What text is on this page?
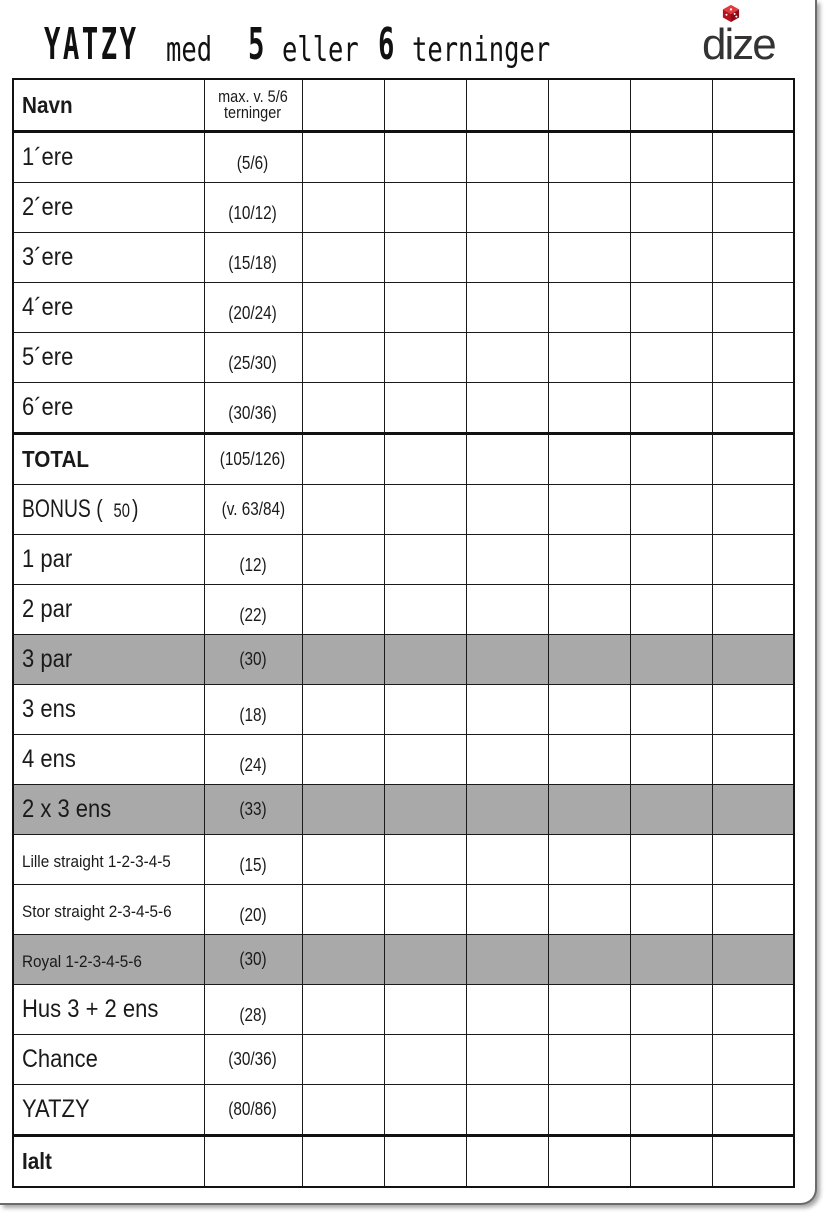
YATZY med 5 eller 6 terninger	dize
Navn	max. v. 5/6
terninger						
1´ere	(5/6)						
2´ere	(10/12)						
3´ere	(15/18)						
4´ere	(20/24)						
5´ere	(25/30)						
6´ere	(30/36)						
TOTAL	(105/126)						
BONUS ( 50)	(v. 63/84)						
1 par	(12)						
2 par	(22)						
3 par	(30)						
3 ens	(18)						
4 ens	(24)						
2 x 3 ens	(33)						
Lille straight 1-2-3-4-5	(15)						
Stor straight 2-3-4-5-6	(20)						
Royal 1-2-3-4-5-6	(30)						
Hus 3 + 2 ens	(28)						
Chance	(30/36)						
YATZY	(80/86)						
Ialt							
